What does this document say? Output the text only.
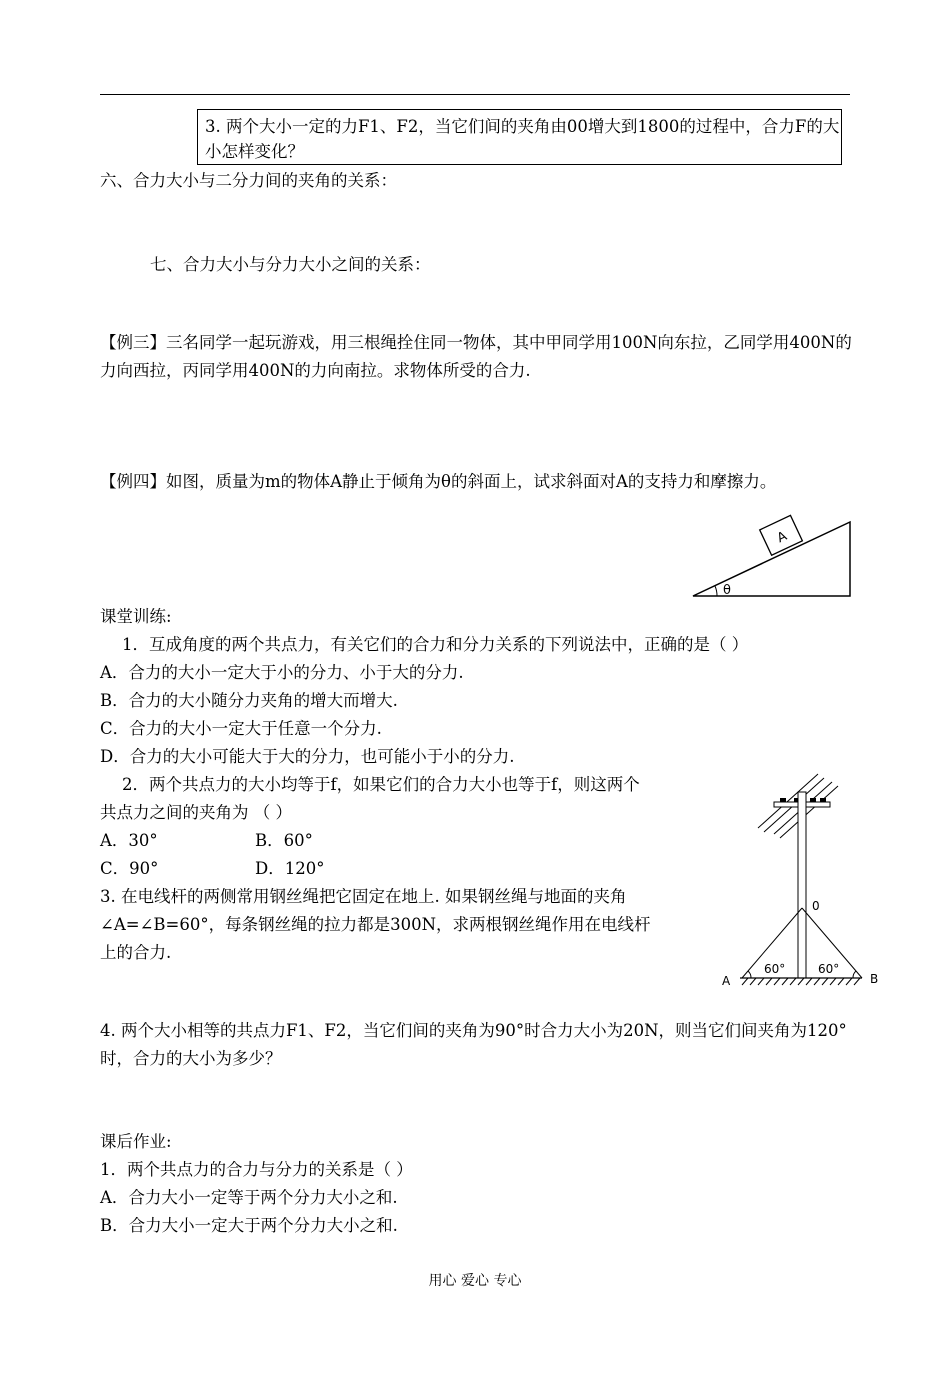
3. 两个大小一定的力F1、F2，当它们间的夹角由00增大到1800的过程中，合力F的大小怎样变化？
六、合力大小与二分力间的夹角的关系：
七、合力大小与分力大小之间的关系：
【例三】三名同学一起玩游戏，用三根绳拴住同一物体，其中甲同学用100N向东拉，乙同学用400N的力向西拉，丙同学用400N的力向南拉。求物体所受的合力.
【例四】如图，质量为m的物体A静止于倾角为θ的斜面上，试求斜面对A的支持力和摩擦力。
A
θ
课堂训练:
1．互成角度的两个共点力，有关它们的合力和分力关系的下列说法中，正确的是（ ）
A．合力的大小一定大于小的分力、小于大的分力.
B．合力的大小随分力夹角的增大而增大.
C．合力的大小一定大于任意一个分力.
D．合力的大小可能大于大的分力，也可能小于小的分力.
2．两个共点力的大小均等于f，如果它们的合力大小也等于f，则这两个
共点力之间的夹角为 （ ）
A．30°	B．60°
C．90°	D．120°
3. 在电线杆的两侧常用钢丝绳把它固定在地上. 如果钢丝绳与地面的夹角
∠A=∠B=60°，每条钢丝绳的拉力都是300N，求两根钢丝绳作用在电线杆
上的合力.
0
A	B
60°	60°
4. 两个大小相等的共点力F1、F2，当它们间的夹角为90°时合力大小为20N，则当它们间夹角为120°时，合力的大小为多少？
课后作业:
1．两个共点力的合力与分力的关系是（ ）
A．合力大小一定等于两个分力大小之和.
B．合力大小一定大于两个分力大小之和.
用心 爱心 专心
